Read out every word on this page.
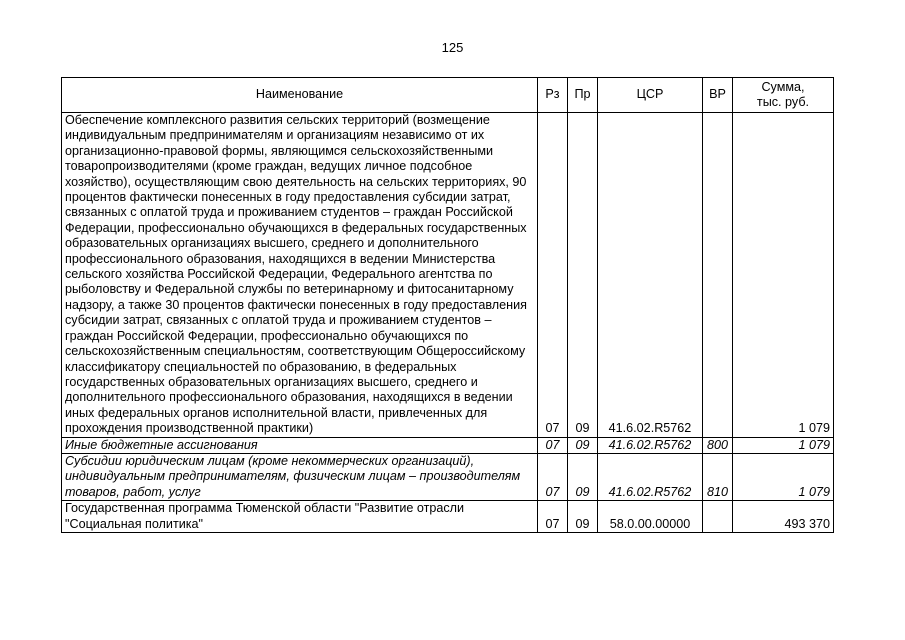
125
Наименование	Рз	Пр	ЦСР	ВР	Сумма,
тыс. руб.

Обеспечение комплексного развития сельских территорий (возмещение индивидуальным предпринимателям и организациям независимо от их организационно-правовой формы, являющимся сельскохозяйственными товаропроизводителями (кроме граждан, ведущих личное подсобное хозяйство), осуществляющим свою деятельность на сельских территориях, 90 процентов фактически понесенных в году предоставления субсидии затрат, связанных с оплатой труда и проживанием студентов – граждан Российской Федерации, профессионально обучающихся в федеральных государственных образовательных организациях высшего, среднего и дополнительного профессионального образования, находящихся в ведении Министерства сельского хозяйства Российской Федерации, Федерального агентства по рыболовству и Федеральной службы по ветеринарному и фитосанитарному надзору, а также 30 процентов фактически понесенных в году предоставления субсидии затрат, связанных с оплатой труда и проживанием студентов – граждан Российской Федерации, профессионально обучающихся по сельскохозяйственным специальностям, соответствующим Общероссийскому классификатору специальностей по образованию, в федеральных государственных образовательных организациях высшего, среднего и дополнительного профессионального образования, находящихся в ведении иных федеральных органов исполнительной власти, привлеченных для прохождения производственной практики)	07	09	41.6.02.R5762		1 079
Иные бюджетные ассигнования	07	09	41.6.02.R5762	800	1 079
Субсидии юридическим лицам (кроме некоммерческих организаций), индивидуальным предпринимателям, физическим лицам – производителям товаров, работ, услуг	07	09	41.6.02.R5762	810	1 079
Государственная программа Тюменской области "Развитие отрасли "Социальная политика"	07	09	58.0.00.00000		493 370
